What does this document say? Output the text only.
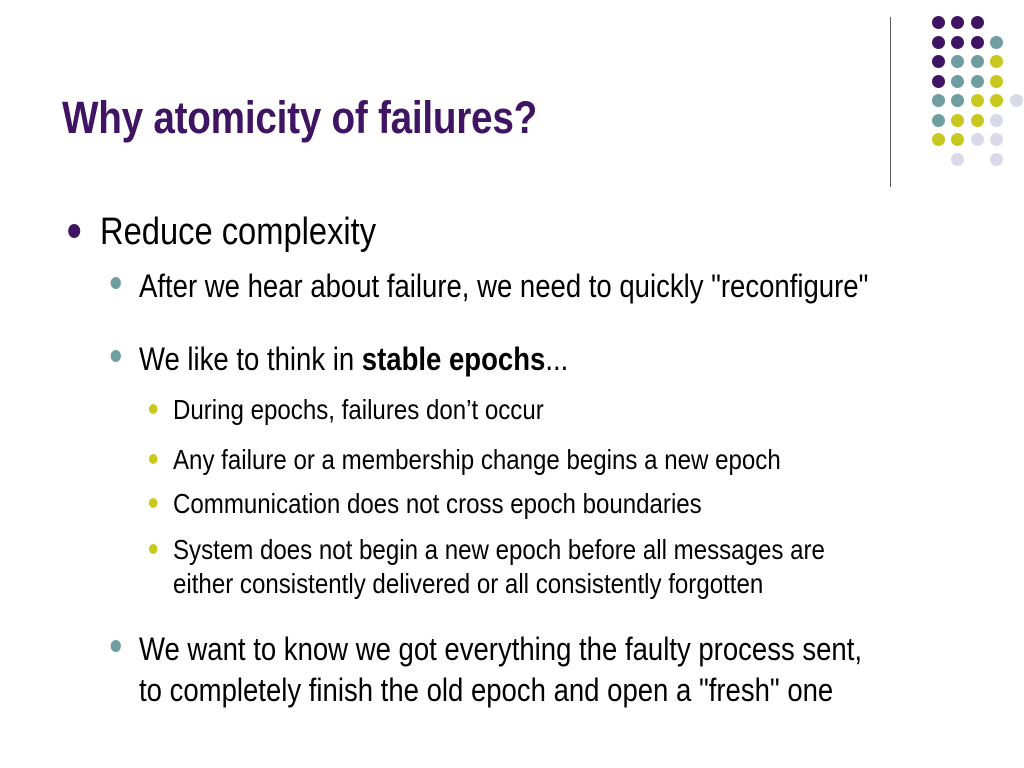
Why atomicity of failures?
Reduce complexity
After we hear about failure, we need to quickly "reconfigure"
We like to think in stable epochs...
During epochs, failures don’t occur
Any failure or a membership change begins a new epoch
Communication does not cross epoch boundaries
System does not begin a new epoch before all messages are
either consistently delivered or all consistently forgotten
We want to know we got everything the faulty process sent,
to completely finish the old epoch and open a "fresh" one
